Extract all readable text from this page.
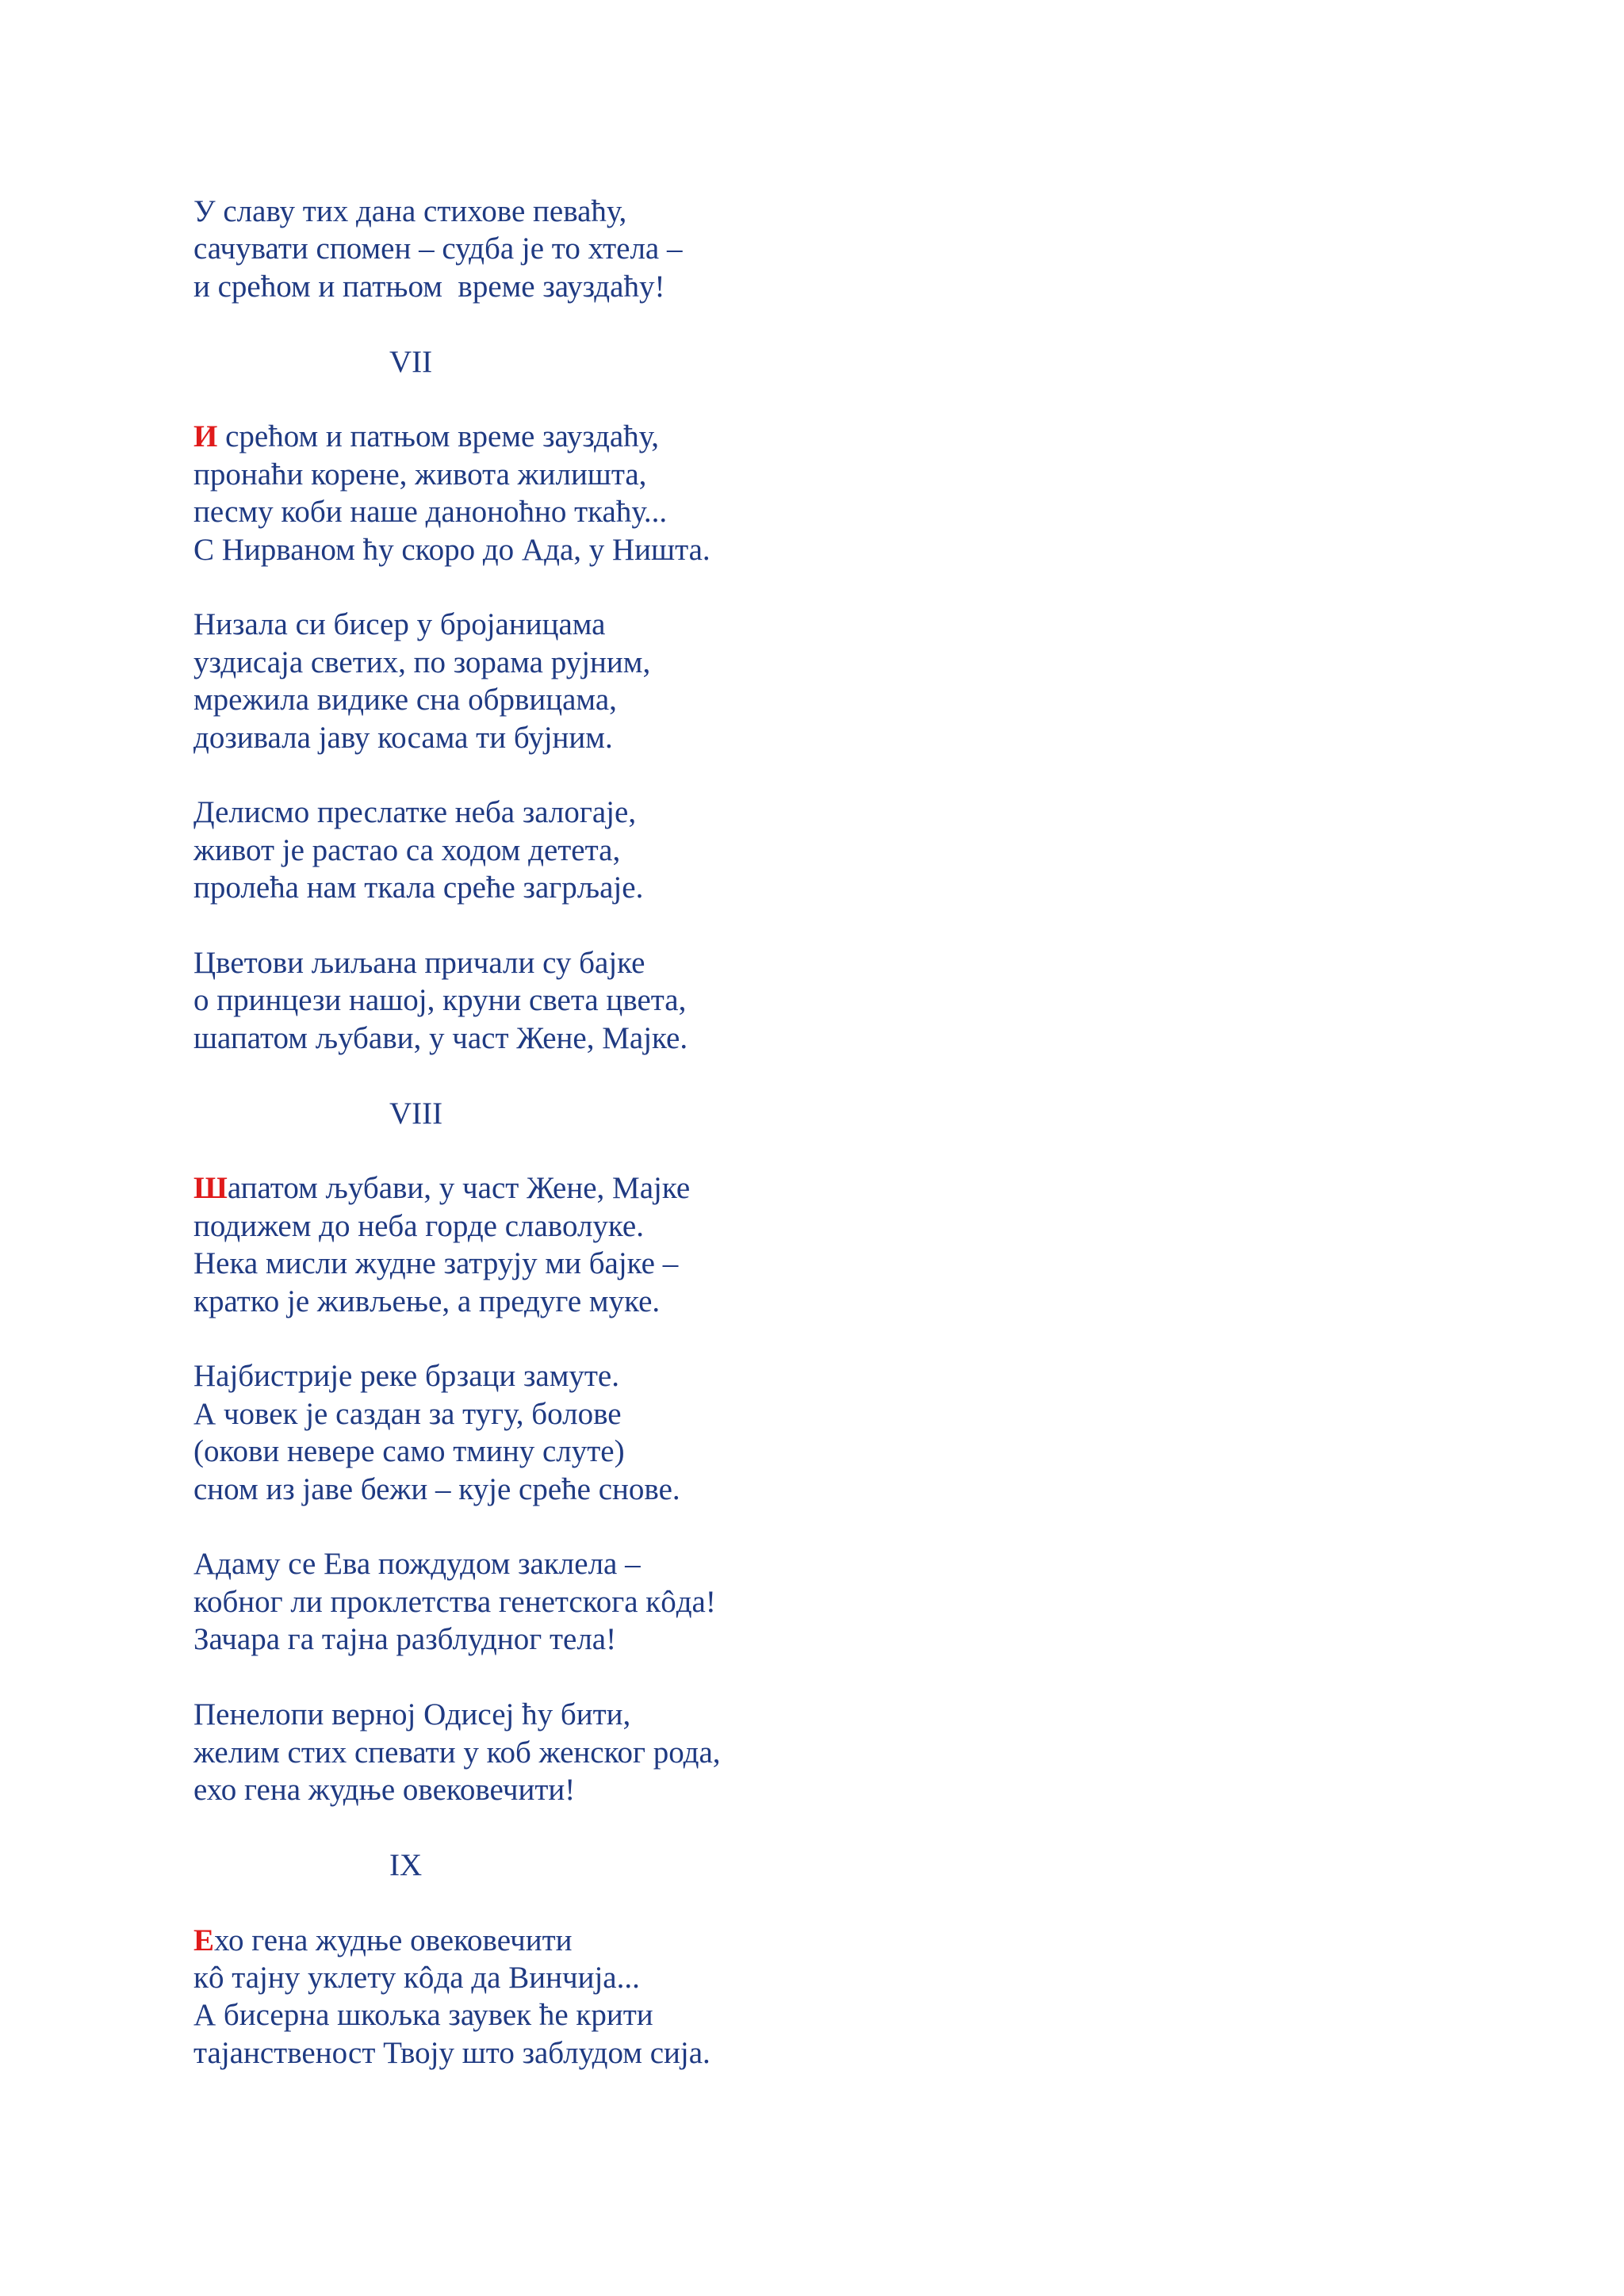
У славу тих дана стихове певаћу,
сачувати спомен – судба је то хтела –
и срећом и патњом  време зауздаћу!
VII
И срећом и патњом време зауздаћу,
пронаћи корене, живота жилишта,
песму коби наше даноноћно ткаћу...
С Нирваном ћу скоро до Ада, у Ништа.
Низала си бисер у бројаницама
уздисаја светих, по зорама рујним,
мрежила видике сна обрвицама,
дозивала јаву косама ти бујним.
Делисмо преслатке неба залогаје,
живот је растао са ходом детета,
пролећа нам ткала среће загрљаје.
Цветови љиљана причали су бајке
о принцези нашој, круни света цвета,
шапатом љубави, у част Жене, Мајке.
VIII
Шапатом љубави, у част Жене, Мајке
подижем до неба горде славолуке.
Нека мисли жудне затрују ми бајке –
кратко је живљење, а предуге муке.
Најбистрије реке брзаци замуте.
А човек је саздан за тугу, болове
(окови невере само тмину слуте)
сном из јаве бежи – кује среће снове.
Адаму се Ева пождудом заклела –
кобног ли проклетства генетскога кôда!
Зачара га тајна разблудног тела!
Пенелопи верној Одисеј ћу бити,
желим стих спевати у коб женског рода,
ехо гена жудње овековечити!
IX
Ехо гена жудње овековечити
кô тајну уклету кôда да Винчија...
А бисерна шкољка заувек ће крити
тајанственост Твоју што заблудом сија.
